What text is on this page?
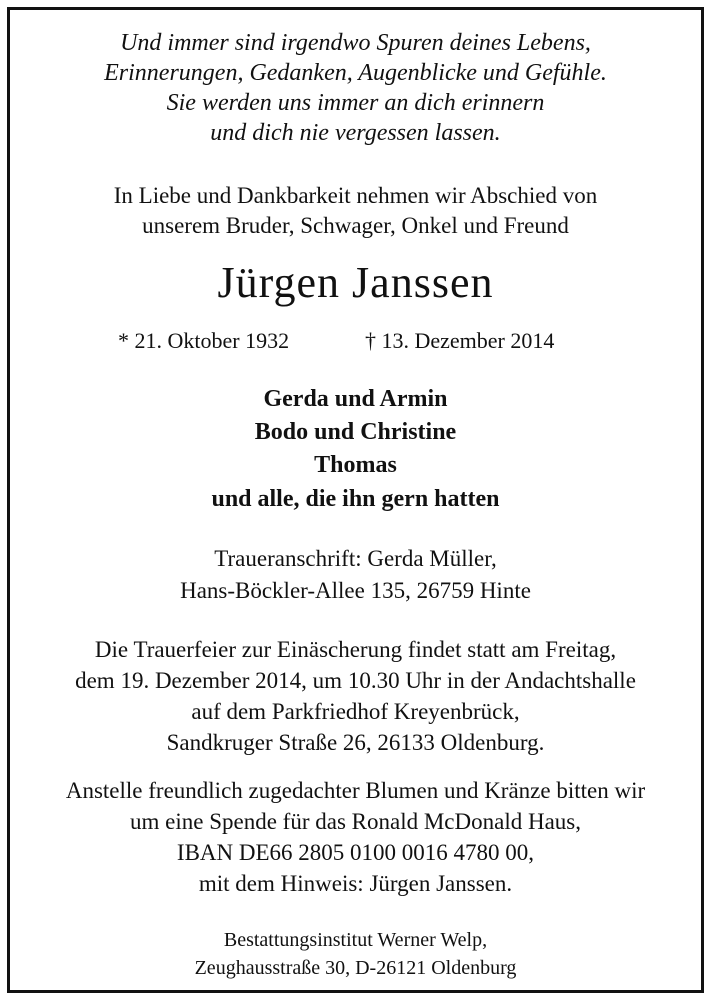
Und immer sind irgendwo Spuren deines Lebens,
Erinnerungen, Gedanken, Augenblicke und Gefühle.
Sie werden uns immer an dich erinnern
und dich nie vergessen lassen.
In Liebe und Dankbarkeit nehmen wir Abschied von
unserem Bruder, Schwager, Onkel und Freund
Jürgen Janssen
* 21. Oktober 1932	† 13. Dezember 2014
Gerda und Armin
Bodo und Christine
Thomas
und alle, die ihn gern hatten
Traueranschrift: Gerda Müller,
Hans-Böckler-Allee 135, 26759 Hinte
Die Trauerfeier zur Einäscherung findet statt am Freitag,
dem 19. Dezember 2014, um 10.30 Uhr in der Andachtshalle
auf dem Parkfriedhof Kreyenbrück,
Sandkruger Straße 26, 26133 Oldenburg.
Anstelle freundlich zugedachter Blumen und Kränze bitten wir
um eine Spende für das Ronald McDonald Haus,
IBAN DE66 2805 0100 0016 4780 00,
mit dem Hinweis: Jürgen Janssen.
Bestattungsinstitut Werner Welp,
Zeughausstraße 30, D-26121 Oldenburg
